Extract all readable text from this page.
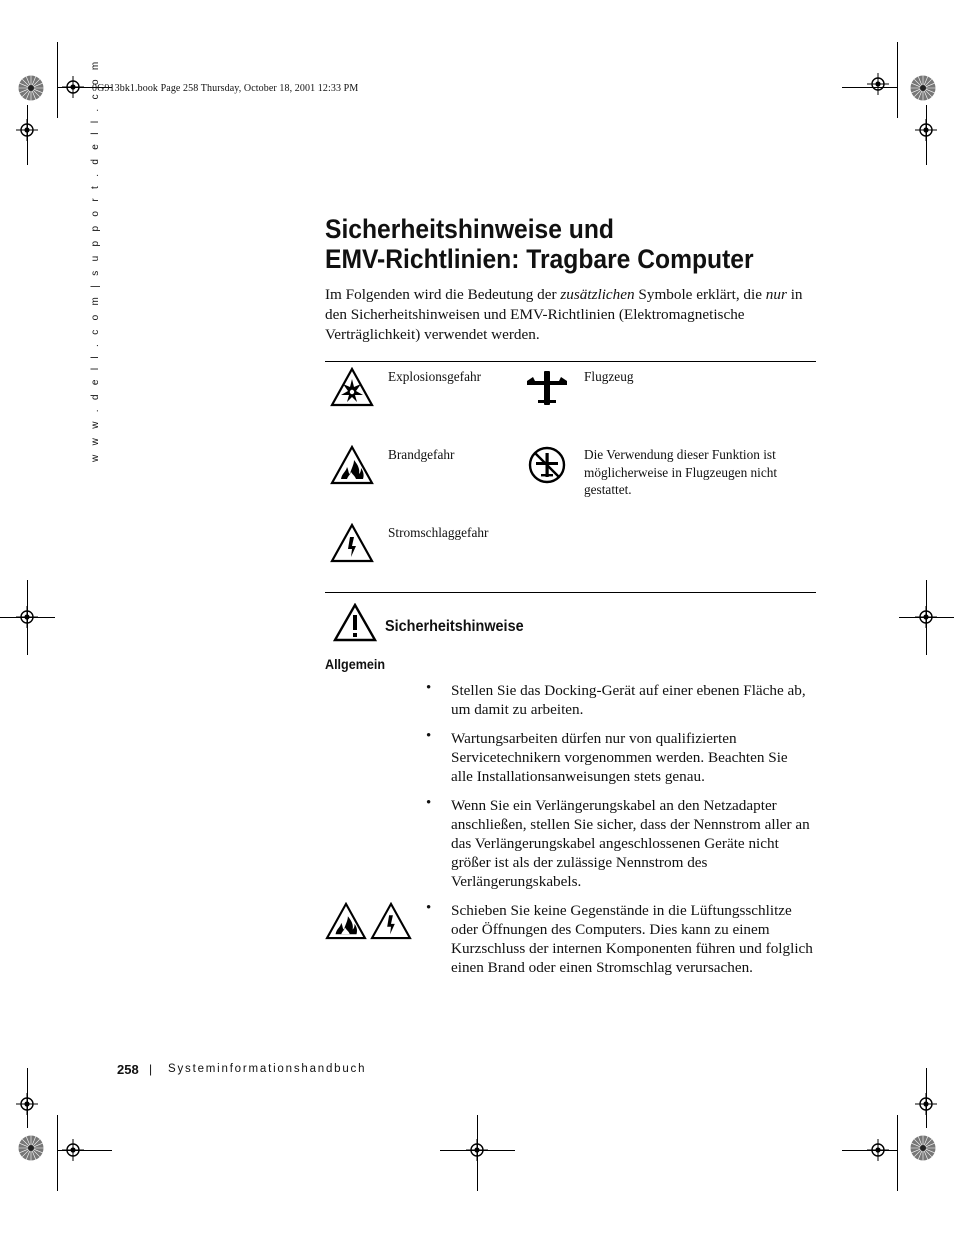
0G913bk1.book Page 258 Thursday, October 18, 2001 12:33 PM
w w w . d e l l . c o m | s u p p o r t . d e l l . c o m	Sicherheitshinweise und
EMV-Richtlinien: Tragbare Computer
Im Folgenden wird die Bedeutung der zusätzlichen Symbole erklärt, die nur in den Sicherheitshinweisen und EMV-Richtlinien (Elektromagnetische Verträglichkeit) verwendet werden.
Explosionsgefahr	Flugzeug
Brandgefahr	Die Verwendung dieser Funktion ist möglicherweise in Flugzeugen nicht gestattet.
Stromschlaggefahr
Sicherheitshinweise
Allgemein
• Stellen Sie das Docking-Gerät auf einer ebenen Fläche ab, um damit zu arbeiten.
• Wartungsarbeiten dürfen nur von qualifizierten Servicetechnikern vorgenommen werden. Beachten Sie alle Installationsanweisungen stets genau.
• Wenn Sie ein Verlängerungskabel an den Netzadapter anschließen, stellen Sie sicher, dass der Nennstrom aller an das Verlängerungskabel angeschlossenen Geräte nicht größer ist als der zulässige Nennstrom des Verlängerungskabels.
• Schieben Sie keine Gegenstände in die Lüftungsschlitze oder Öffnungen des Computers. Dies kann zu einem Kurzschluss der internen Komponenten führen und folglich einen Brand oder einen Stromschlag verursachen.
258 | Systeminformationshandbuch
